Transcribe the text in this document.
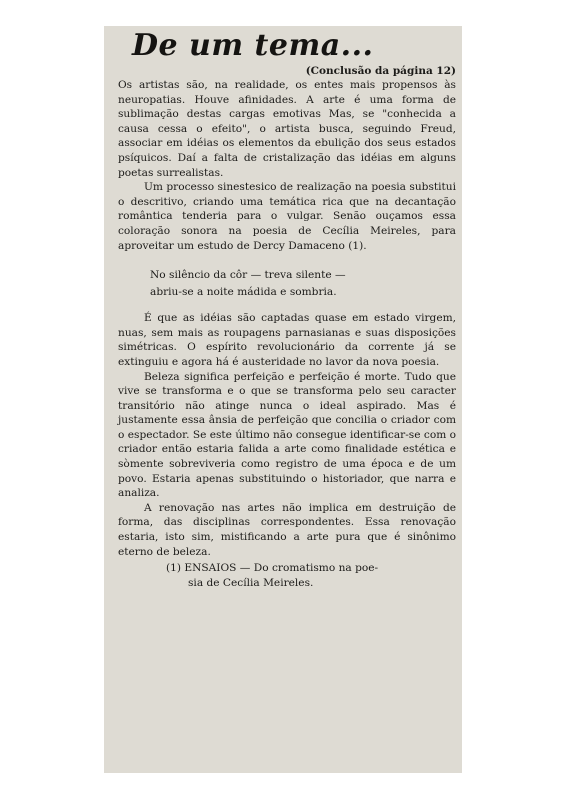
De um tema...
(Conclusão da página 12)

Os artistas são, na realidade, os entes mais propensos às neuropatias. Houve afinidades. A arte é uma forma de sublimação destas cargas emotivas Mas, se "conhecida a causa cessa o efeito", o artista busca, seguindo Freud, associar em idéias os elementos da ebulição dos seus estados psíquicos. Daí a falta de cristalização das idéias em alguns poetas surrealistas.

Um processo sinestesico de realização na poesia substitui o descritivo, criando uma temática rica que na decantação romântica tenderia para o vulgar. Senão ouçamos essa coloração sonora na poesia de Cecília Meireles, para aproveitar um estudo de Dercy Damaceno (1).

No silêncio da côr — treva silente —
abriu-se a noite mádida e sombria.

É que as idéias são captadas quase em estado virgem, nuas, sem mais as roupagens parnasianas e suas disposições simétricas. O espírito revolucionário da corrente já se extinguiu e agora há é austeridade no lavor da nova poesia.

Beleza significa perfeição e perfeição é morte. Tudo que vive se transforma e o que se transforma pelo seu caracter transitório não atinge nunca o ideal aspirado. Mas é justamente essa ânsia de perfeição que concilia o criador com o espectador. Se este último não consegue identificar-se com o criador então estaria falida a arte como finalidade estética e sòmente sobreviveria como registro de uma época e de um povo. Estaria apenas substituindo o historiador, que narra e analiza.

A renovação nas artes não implica em destruição de forma, das disciplinas correspondentes. Essa renovação estaria, isto sim, mistificando a arte pura que é sinônimo eterno de beleza.

(1) ENSAIOS — Do cromatismo na poe-
sia de Cecília Meireles.
